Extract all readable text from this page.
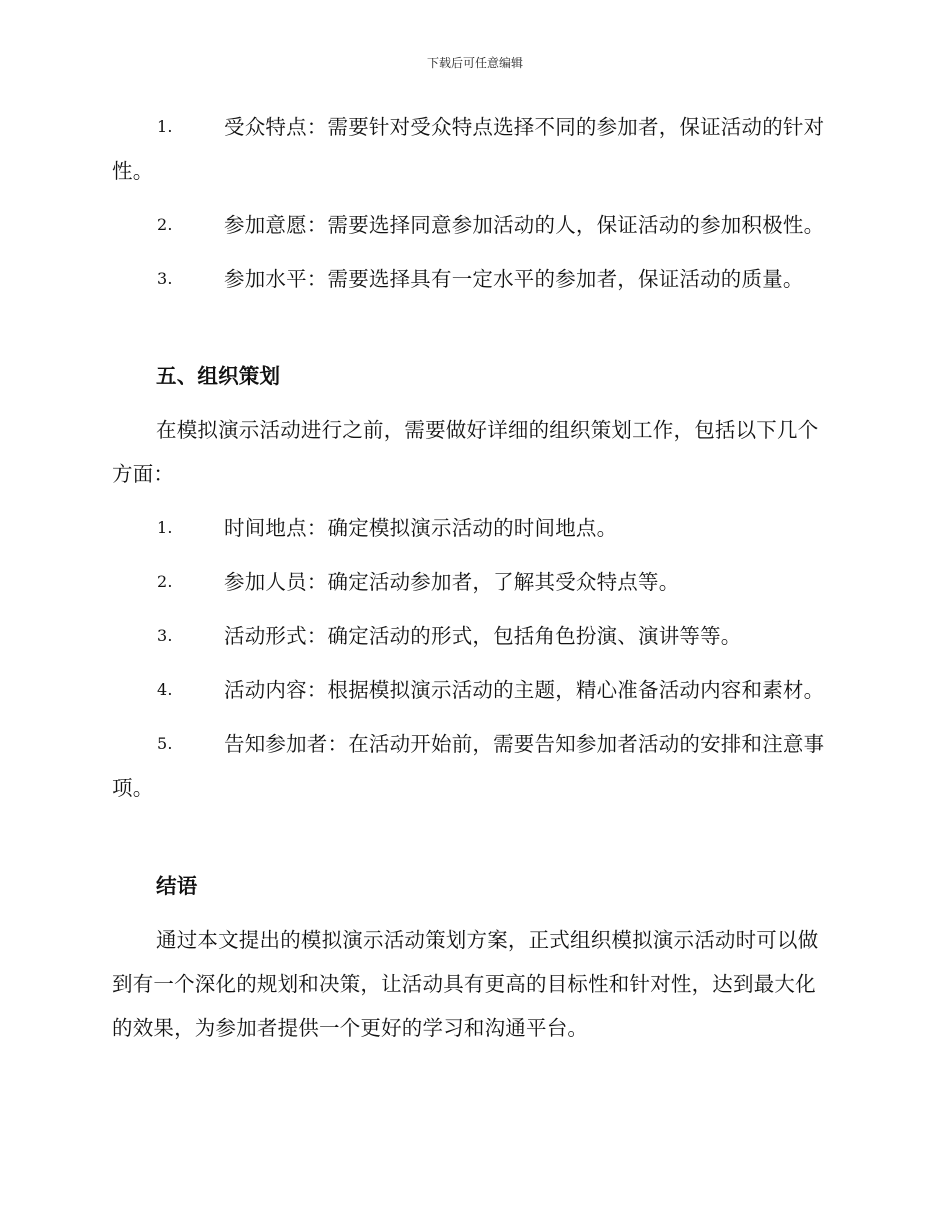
下载后可任意编辑

1.	受众特点：需要针对受众特点选择不同的参加者，保证活动的针对性。

2.	参加意愿：需要选择同意参加活动的人，保证活动的参加积极性。

3.	参加水平：需要选择具有一定水平的参加者，保证活动的质量。

五、组织策划

在模拟演示活动进行之前，需要做好详细的组织策划工作，包括以下几个方面：

1.	时间地点：确定模拟演示活动的时间地点。

2.	参加人员：确定活动参加者，了解其受众特点等。

3.	活动形式：确定活动的形式，包括角色扮演、演讲等等。

4.	活动内容：根据模拟演示活动的主题，精心准备活动内容和素材。

5.	告知参加者：在活动开始前，需要告知参加者活动的安排和注意事项。

结语

通过本文提出的模拟演示活动策划方案，正式组织模拟演示活动时可以做到有一个深化的规划和决策，让活动具有更高的目标性和针对性，达到最大化的效果，为参加者提供一个更好的学习和沟通平台。
